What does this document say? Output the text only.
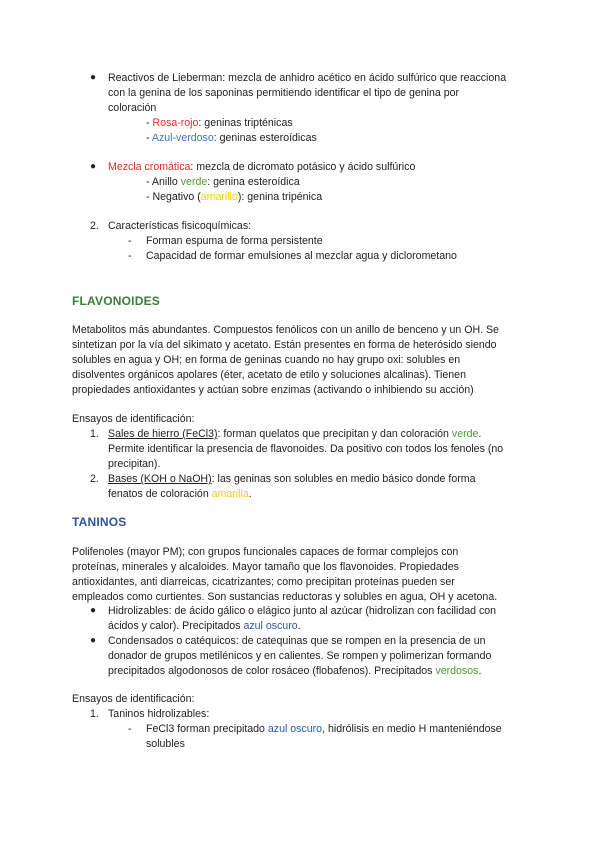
● Reactivos de Lieberman: mezcla de anhidro acético en ácido sulfúrico que reacciona
con la genina de los saponinas permitiendo identificar el tipo de genina por
coloración
- Rosa-rojo: geninas tripténicas
- Azul-verdoso: geninas esteroídicas
● Mezcla cromática: mezcla de dicromato potásico y ácido sulfúrico
- Anillo verde: genina esteroídica
- Negativo (amarillo): genina tripénica
2. Características fisicoquímicas:
- Forman espuma de forma persistente
- Capacidad de formar emulsiones al mezclar agua y diclorometano
FLAVONOIDES
Metabolitos más abundantes. Compuestos fenólicos con un anillo de benceno y un OH. Se
sintetizan por la vía del sikimato y acetato. Están presentes en forma de heterósido siendo
solubles en agua y OH; en forma de geninas cuando no hay grupo oxi: solubles en
disolventes orgánicos apolares (éter, acetato de etilo y soluciones alcalinas). Tienen
propiedades antioxidantes y actúan sobre enzimas (activando o inhibiendo su acción)
Ensayos de identificación:
1. Sales de hierro (FeCl3): forman quelatos que precipitan y dan coloración verde.
Permite identificar la presencia de flavonoides. Da positivo con todos los fenoles (no
precipitan).
2. Bases (KOH o NaOH): las geninas son solubles en medio básico donde forma
fenatos de coloración amarilla.
TANINOS
Polifenoles (mayor PM); con grupos funcionales capaces de formar complejos con
proteínas, minerales y alcaloides. Mayor tamaño que los flavonoides. Propiedades
antioxidantes, anti diarreicas, cicatrizantes; como precipitan proteínas pueden ser
empleados como curtientes. Son sustancias reductoras y solubles en agua, OH y acetona.
● Hidrolizables: de ácido gálico o elágico junto al azúcar (hidrolizan con facilidad con
ácidos y calor). Precipitados azul oscuro.
● Condensados o catéquicos: de catequinas que se rompen en la presencia de un
donador de grupos metilénicos y en calientes. Se rompen y polimerizan formando
precipitados algodonosos de color rosáceo (flobafenos). Precipitados verdosos.
Ensayos de identificación:
1. Taninos hidrolizables:
- FeCl3 forman precipitado azul oscuro, hidrólisis en medio H manteniéndose
solubles
